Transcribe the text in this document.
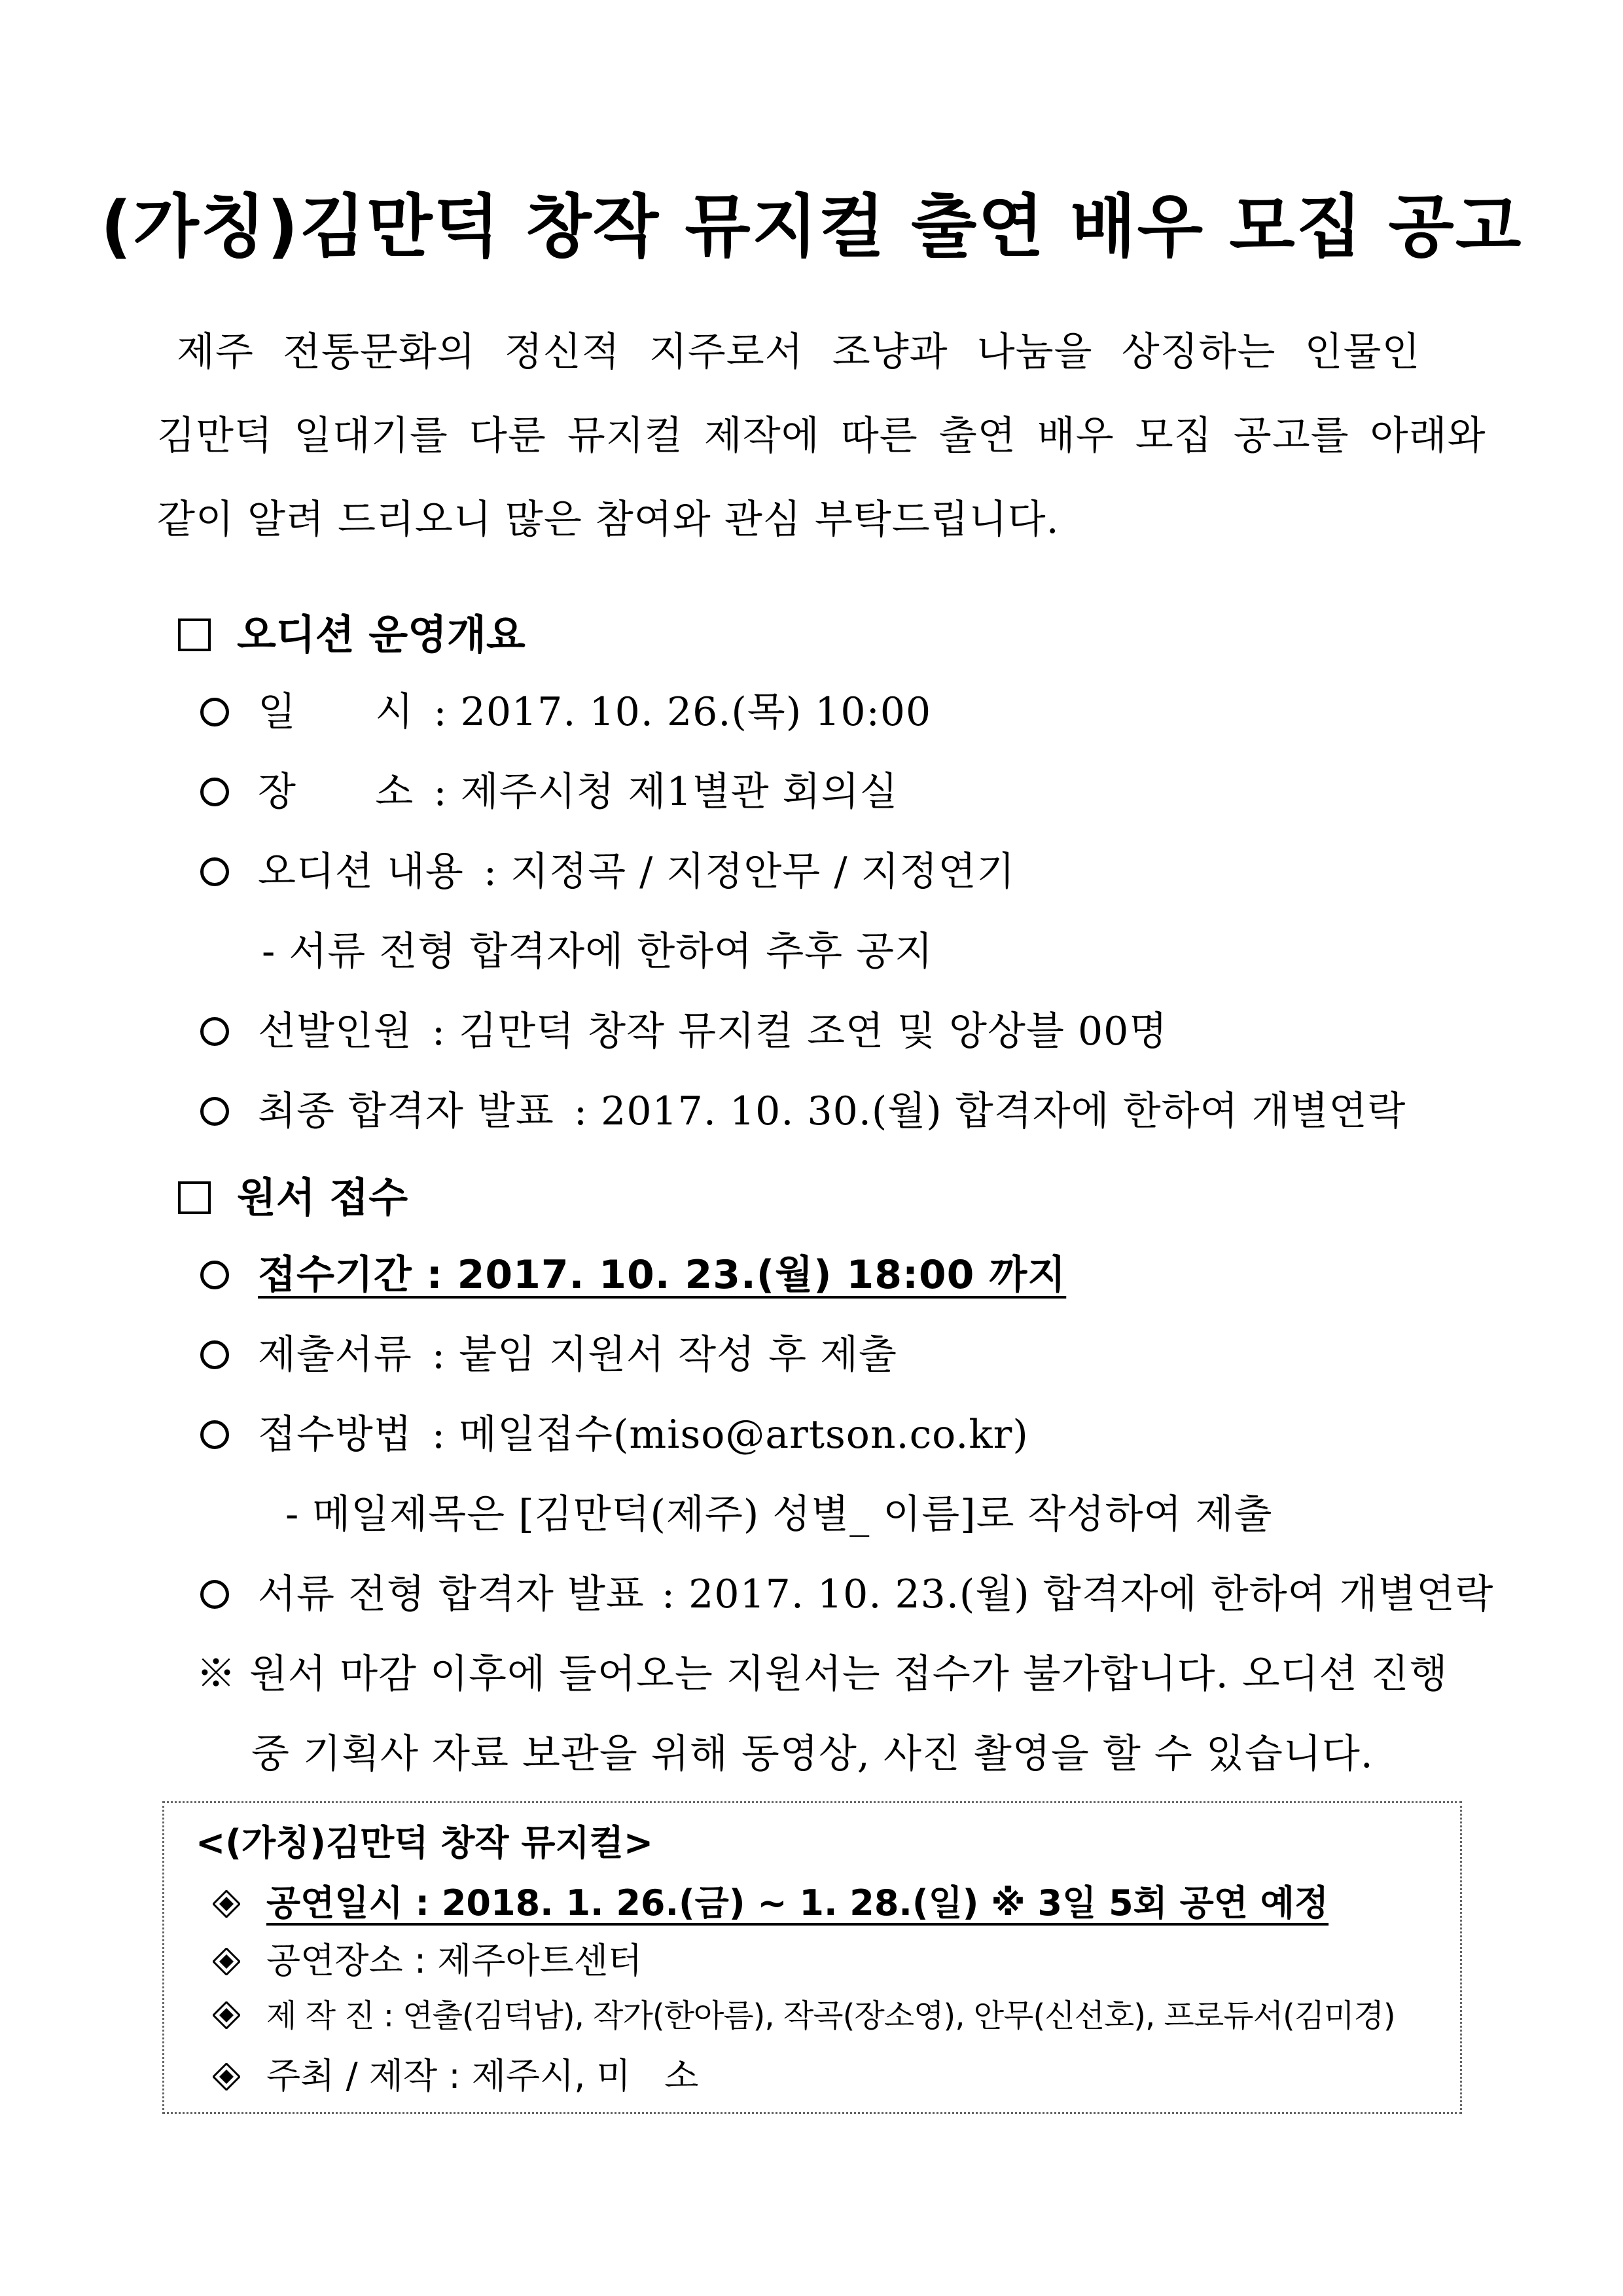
(가칭)김만덕 창작 뮤지컬 출연 배우 모집 공고
제주 전통문화의 정신적 지주로서 조냥과 나눔을 상징하는 인물인
김만덕 일대기를 다룬 뮤지컬 제작에 따른 출연 배우 모집 공고를 아래와
같이 알려 드리오니 많은 참여와 관심 부탁드립니다.
오디션 운영개요
일      시 : 2017. 10. 26.(목) 10:00
장      소 : 제주시청 제1별관 회의실
오디션 내용 : 지정곡 / 지정안무 / 지정연기
- 서류 전형 합격자에 한하여 추후 공지
선발인원 : 김만덕 창작 뮤지컬 조연 및 앙상블 00명
최종 합격자 발표 : 2017. 10. 30.(월) 합격자에 한하여 개별연락
원서 접수
접수기간 : 2017. 10. 23.(월) 18:00 까지
제출서류 : 붙임 지원서 작성 후 제출
접수방법 : 메일접수(miso@artson.co.kr)
- 메일제목은 [김만덕(제주) 성별_ 이름]로 작성하여 제출
서류 전형 합격자 발표 : 2017. 10. 23.(월) 합격자에 한하여 개별연락
※ 원서 마감 이후에 들어오는 지원서는 접수가 불가합니다. 오디션 진행
중 기획사 자료 보관을 위해 동영상, 사진 촬영을 할 수 있습니다.
<(가칭)김만덕 창작 뮤지컬>
공연일시 : 2018. 1. 26.(금) ~ 1. 28.(일) ※ 3일 5회 공연 예정
공연장소 : 제주아트센터
제 작 진 : 연출(김덕남), 작가(한아름), 작곡(장소영), 안무(신선호), 프로듀서(김미경)
주최 / 제작 : 제주시, 미   소
